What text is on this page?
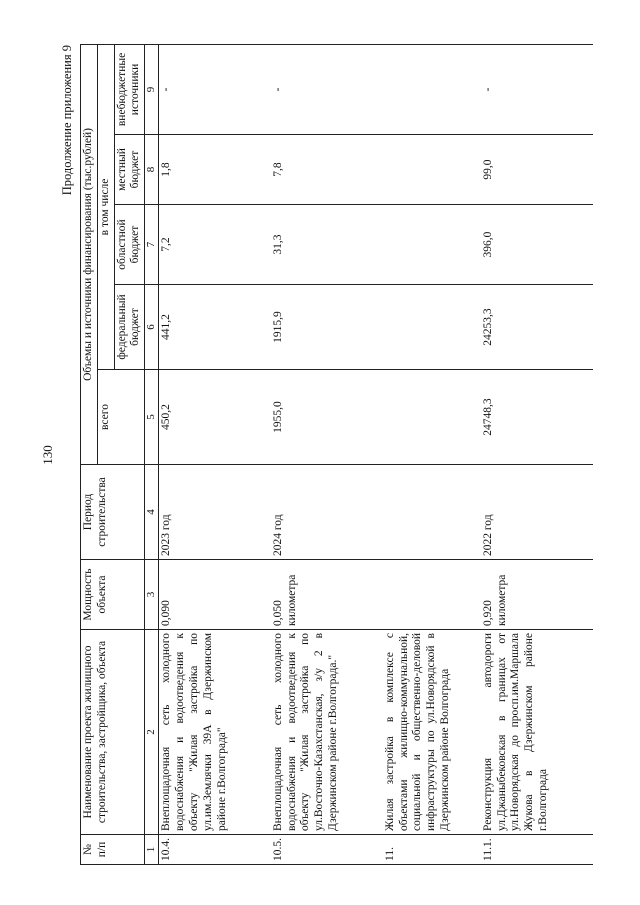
130
Продолжение приложения 9
№ п/п	Наименование проекта жилищного строительства, застройщика, объекта	Мощность объекта	Период строительства	Объемы и источники финансирования (тыс.рублей)				
				всего	в том числе			
					федеральный бюджет	областной бюджет	местный бюджет	внебюджетные источники
1	2	3	4	5	6	7	8	9
10.4.	Внеплощадочная сеть холодного водоснабжения и водоотведения к объекту "Жилая застройка по ул.им.Землячки 39А в Дзержинском районе г.Волгограда"	0,090	2023 год	450,2	441,2	7,2	1,8	-
10.5.	Внеплощадочная сеть холодного водоснабжения и водоотведения к объекту "Жилая застройка по ул.Восточно-Казахстанская, з/у 2 в Дзержинском районе г.Волгограда."	0,050 километра	2024 год	1955,0	1915,9	31,3	7,8	-
11.	Жилая застройка в комплексе с объектами жилищно-коммунальной, социальной и общественно-деловой инфраструктуры по ул.Новорядской в Дзержинском районе Волгограда							
11.1.	Реконструкция автодороги ул.Джаныбековская в границах от ул.Новорядская до просп.им.Маршала Жукова в Дзержинском районе г.Волгограда	0,920 километра	2022 год	24748,3	24253,3	396,0	99,0	-
